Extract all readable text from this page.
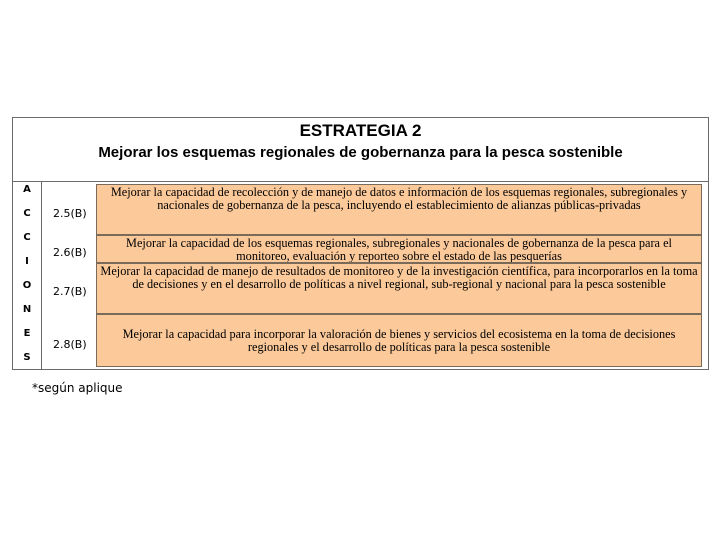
ESTRATEGIA 2
Mejorar los esquemas regionales de gobernanza para la pesca sostenible
A
C
C
I
O
N
E
S
2.5(B)
2.6(B)
2.7(B)
2.8(B)
Mejorar la capacidad de recolección y de manejo de datos e información de los esquemas regionales, subregionales y nacionales de gobernanza de la pesca, incluyendo el establecimiento de alianzas públicas-privadas
Mejorar la capacidad de los esquemas regionales, subregionales y nacionales de gobernanza de la pesca para el monitoreo, evaluación y reporteo sobre el estado de las pesquerías
Mejorar la capacidad de manejo de resultados de monitoreo y de la investigación científica, para incorporarlos en la toma de decisiones y en el desarrollo de políticas a nivel regional, sub-regional y nacional para la pesca sostenible
Mejorar la capacidad para incorporar la valoración de bienes y servicios del ecosistema en la toma de decisiones regionales y el desarrollo de políticas para la pesca sostenible
*según aplique
